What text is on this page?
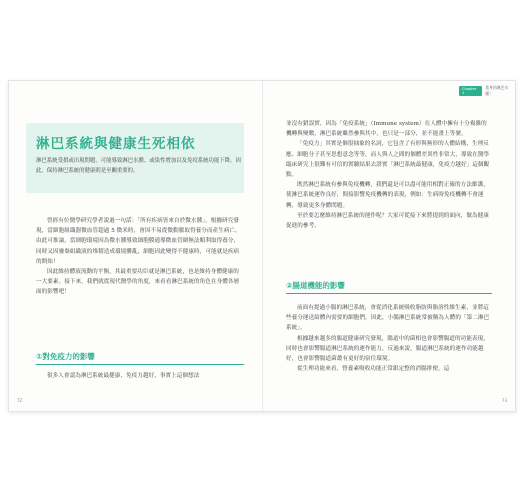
淋巴系統與健康生死相依

淋巴系統受損或出現問題，可能導致淋巴水腫、或染性增加以及免疫系統功能下降。因此，保持淋巴系統的健康則是至關重要的。

曾經有位醫學研究學者說過一句話：「所有疾病皆來自於微水腫」，根據研究發現，當細胞組織器微血管超過 5 微米時，會因不易從微動脈取得養分而產生病亡。由此可推論，當細胞環境因為微水腫導致細胞膜通導微血管網無法順利取得養分，同時又因廢棄組織液的堆積造成環境髒亂，細胞因此變得不健康時，可能就是疾病的開始！

因此維持體液流動的平衡，其最重要功臣就是淋巴系統，也是維持身體健康的一大要素。接下來，我們就從現代醫學的角度，來看看淋巴系統的角色在身體各層面的影響吧！

①對免疫力的影響

很多人會認為淋巴系統最健康，免疫力越好，事實上這個想法

72
Chapter 1
您身的淋巴水腫！

並沒有錯誤實，因為「免疫系統」（Immune system）在人體中擁有十分複雜的機轉與變數，淋巴系統雖然參與其中，也只是一部分，並不能畫上等號。

「免疫力」其實是個很抽象的名詞，它包含了有形與無形的人體結構，生理反應、細胞分子甚至思想意念等等，而人與人之間的個體差異性非常大，導致在醫學臨床研究上很難有可信的實驗結果去證實「淋巴系統最健康，免疫力越好」這個觀點。

既然淋巴系統有參與免疫機轉，我們還是可以盡可能用相對正確的方法維護，使淋巴系統運作良好，間接影響免疫機轉的表現，例如：生病時免疫機轉不會運轉，導致更多身體問題。

至於要怎麼維持淋巴系統的運作呢？大家可從接下來將提到的面向，做為健康促進的參考。

②腸道機能的影響

前面有提過小腸的淋巴系統，會從消化系統吸收脂肪與脂溶性維生素，並將這些養分運送給體內需要的細胞們，因此，小腸淋巴系統常被稱為人體的「第二淋巴系統」。

根據越來越多的腸道健康研究發現，腸道中的菌相也會影響腸道的功能表現，同時也會影響腸道淋巴系統的運作能力，反過來說，腸道淋巴系統的運作功能越好，也會影響腸道菌叢有更好的宿住環境。

從生理功能來看，營養素吸收功能正常跟定整的消腸排便，這

73
